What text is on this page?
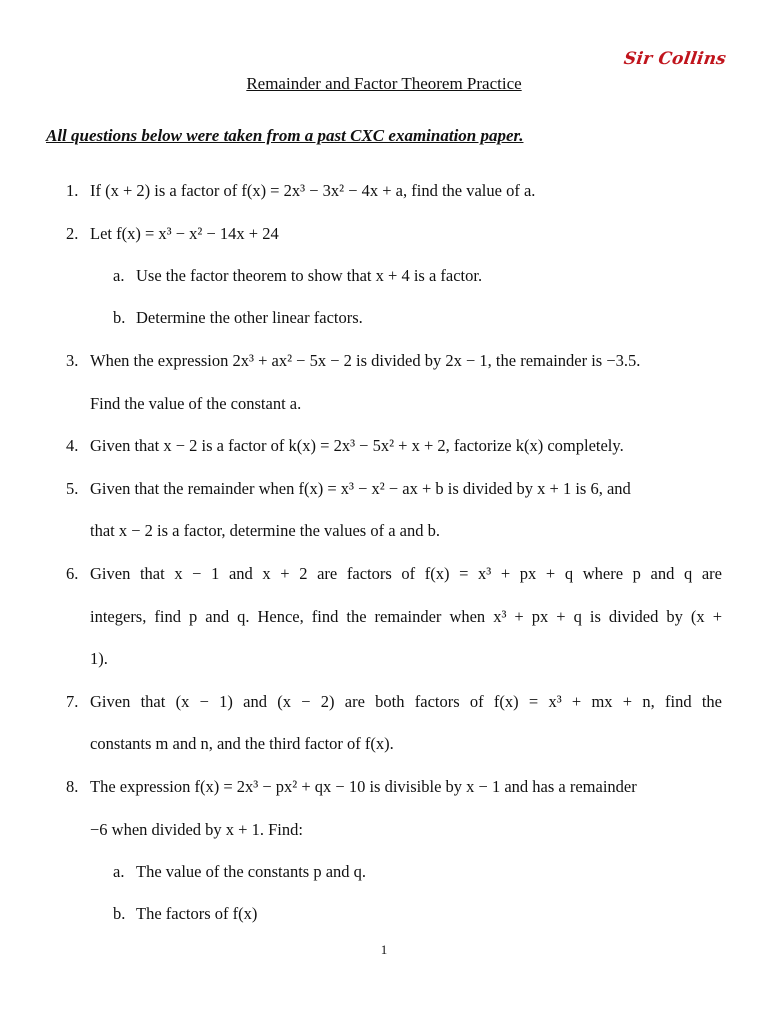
Sir Collins
Remainder and Factor Theorem Practice
All questions below were taken from a past CXC examination paper.
1. If (x + 2) is a factor of f(x) = 2x³ − 3x² − 4x + a, find the value of a.
2. Let f(x) = x³ − x² − 14x + 24
a. Use the factor theorem to show that x + 4 is a factor.
b. Determine the other linear factors.
3. When the expression 2x³ + ax² − 5x − 2 is divided by 2x − 1, the remainder is −3.5.
Find the value of the constant a.
4. Given that x − 2 is a factor of k(x) = 2x³ − 5x² + x + 2, factorize k(x) completely.
5. Given that the remainder when f(x) = x³ − x² − ax + b is divided by x + 1 is 6, and
that x − 2 is a factor, determine the values of a and b.
6. Given that x − 1 and x + 2 are factors of f(x) = x³ + px + q where p and q are
integers, find p and q. Hence, find the remainder when x³ + px + q is divided by (x +
1).
7. Given that (x − 1) and (x − 2) are both factors of f(x) = x³ + mx + n, find the
constants m and n, and the third factor of f(x).
8. The expression f(x) = 2x³ − px² + qx − 10 is divisible by x − 1 and has a remainder
−6 when divided by x + 1. Find:
a. The value of the constants p and q.
b. The factors of f(x)
1
